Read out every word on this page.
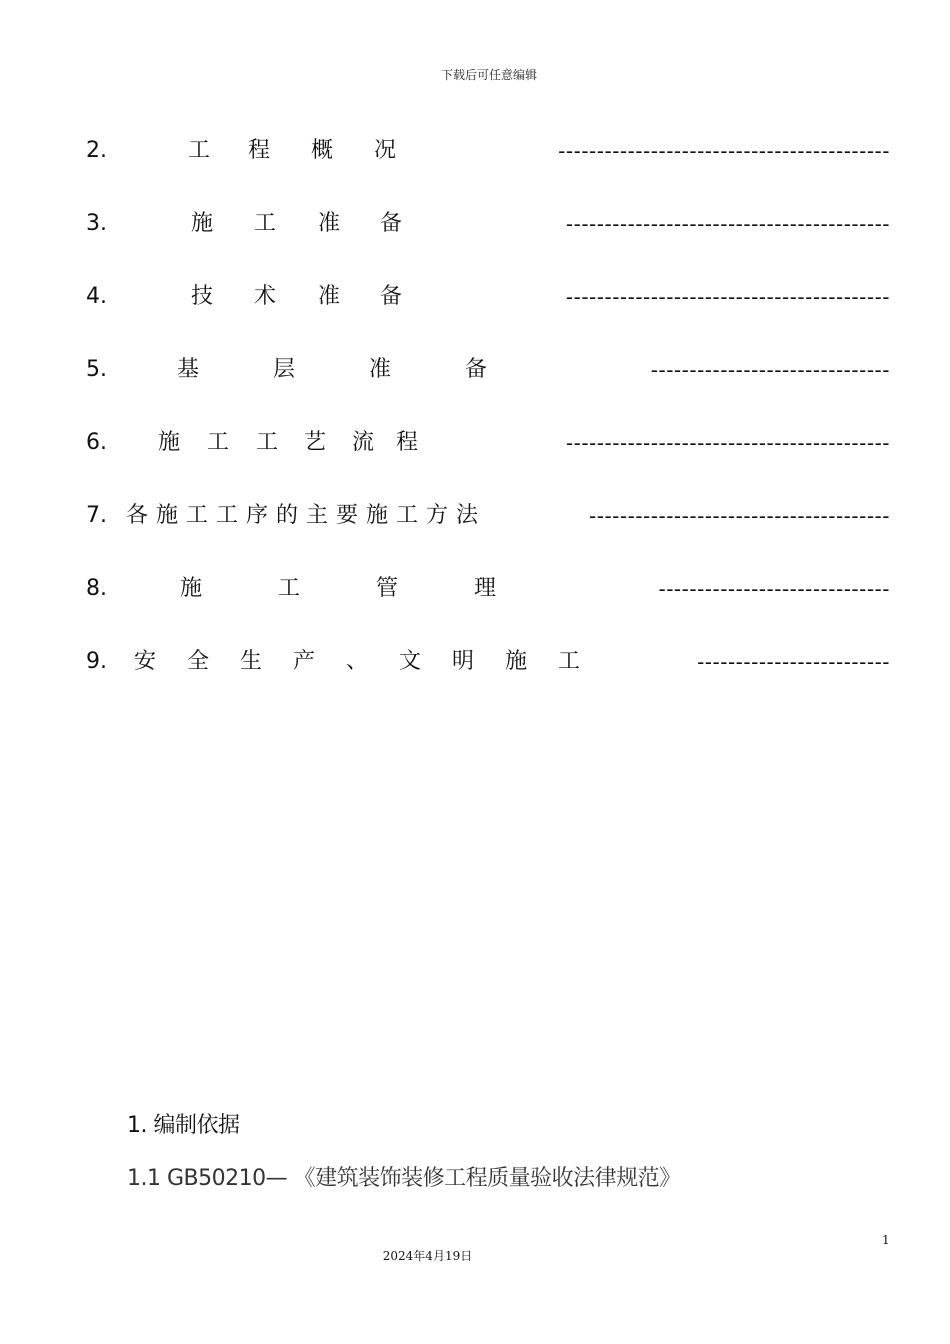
下载后可任意编辑
2.	工 程 概 况	-------------------------------------------
3.	施 工 准 备	------------------------------------------
4.	技 术 准 备	------------------------------------------
5.	基	层	准	备	-------------------------------
6. 施 工 工 艺 流 程	------------------------------------------
7. 各 施 工 工 序 的 主 要 施 工 方 法	---------------------------------------
8.	施	工	管	理	------------------------------
9. 安 全 生 产 、 文 明 施 工	-------------------------
1. 编制依据
1.1 GB50210— 《建筑装饰装修工程质量验收法律规范》
1
2024年4月19日
